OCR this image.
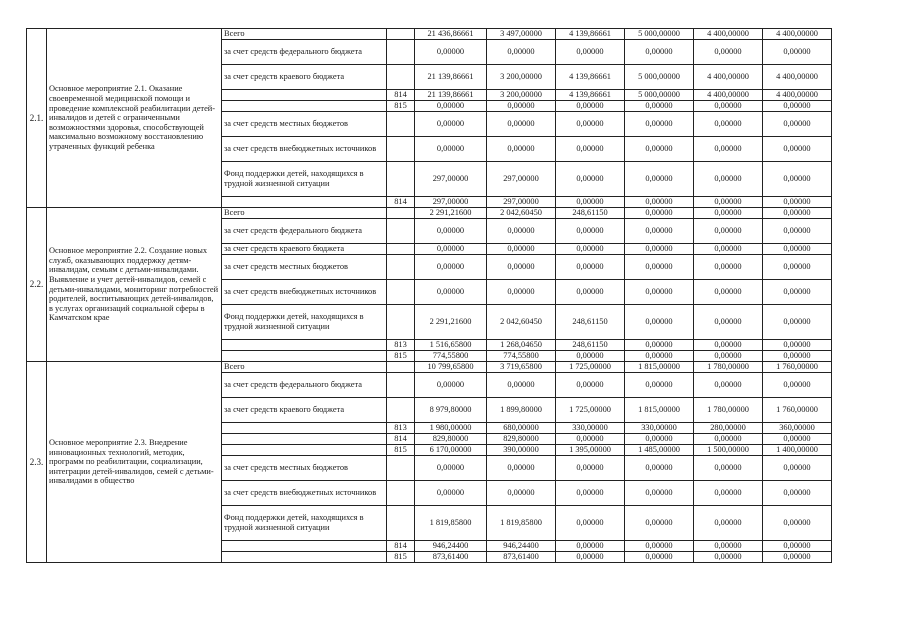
2.1.	Основное мероприятие 2.1. Оказание своевременной медицинской помощи и проведение комплексной реабилитации детей-инвалидов и детей с ограниченными возможностями здоровья, способствующей максимально возможному восстановлению утраченных функций ребенка	Всего		21 436,86661	3 497,00000	4 139,86661	5 000,00000	4 400,00000	4 400,00000
		за счет средств федерального бюджета		0,00000	0,00000	0,00000	0,00000	0,00000	0,00000
		за счет средств краевого бюджета		21 139,86661	3 200,00000	4 139,86661	5 000,00000	4 400,00000	4 400,00000
			814	21 139,86661	3 200,00000	4 139,86661	5 000,00000	4 400,00000	4 400,00000
			815	0,00000	0,00000	0,00000	0,00000	0,00000	0,00000
		за счет средств местных бюджетов		0,00000	0,00000	0,00000	0,00000	0,00000	0,00000
		за счет средств внебюджетных источников		0,00000	0,00000	0,00000	0,00000	0,00000	0,00000
		Фонд поддержки детей, находящихся в трудной жизненной ситуации		297,00000	297,00000	0,00000	0,00000	0,00000	0,00000
			814	297,00000	297,00000	0,00000	0,00000	0,00000	0,00000
2.2.	Основное мероприятие 2.2. Создание новых служб, оказывающих поддержку детям-инвалидам, семьям с детьми-инвалидами. Выявление и учет детей-инвалидов, семей с детьми-инвалидами, мониторинг потребностей родителей, воспитывающих детей-инвалидов, в услугах организаций социальной сферы в Камчатском крае	Всего		2 291,21600	2 042,60450	248,61150	0,00000	0,00000	0,00000
		за счет средств федерального бюджета		0,00000	0,00000	0,00000	0,00000	0,00000	0,00000
		за счет средств краевого бюджета		0,00000	0,00000	0,00000	0,00000	0,00000	0,00000
		за счет средств местных бюджетов		0,00000	0,00000	0,00000	0,00000	0,00000	0,00000
		за счет средств внебюджетных источников		0,00000	0,00000	0,00000	0,00000	0,00000	0,00000
		Фонд поддержки детей, находящихся в трудной жизненной ситуации		2 291,21600	2 042,60450	248,61150	0,00000	0,00000	0,00000
			813	1 516,65800	1 268,04650	248,61150	0,00000	0,00000	0,00000
			815	774,55800	774,55800	0,00000	0,00000	0,00000	0,00000
2.3.	Основное мероприятие 2.3. Внедрение инновационных технологий, методик, программ по реабилитации, социализации, интеграции детей-инвалидов, семей с детьми-инвалидами в общество	Всего		10 799,65800	3 719,65800	1 725,00000	1 815,00000	1 780,00000	1 760,00000
		за счет средств федерального бюджета		0,00000	0,00000	0,00000	0,00000	0,00000	0,00000
		за счет средств краевого бюджета		8 979,80000	1 899,80000	1 725,00000	1 815,00000	1 780,00000	1 760,00000
			813	1 980,00000	680,00000	330,00000	330,00000	280,00000	360,00000
			814	829,80000	829,80000	0,00000	0,00000	0,00000	0,00000
			815	6 170,00000	390,00000	1 395,00000	1 485,00000	1 500,00000	1 400,00000
		за счет средств местных бюджетов		0,00000	0,00000	0,00000	0,00000	0,00000	0,00000
		за счет средств внебюджетных источников		0,00000	0,00000	0,00000	0,00000	0,00000	0,00000
		Фонд поддержки детей, находящихся в трудной жизненной ситуации		1 819,85800	1 819,85800	0,00000	0,00000	0,00000	0,00000
			814	946,24400	946,24400	0,00000	0,00000	0,00000	0,00000
			815	873,61400	873,61400	0,00000	0,00000	0,00000	0,00000
